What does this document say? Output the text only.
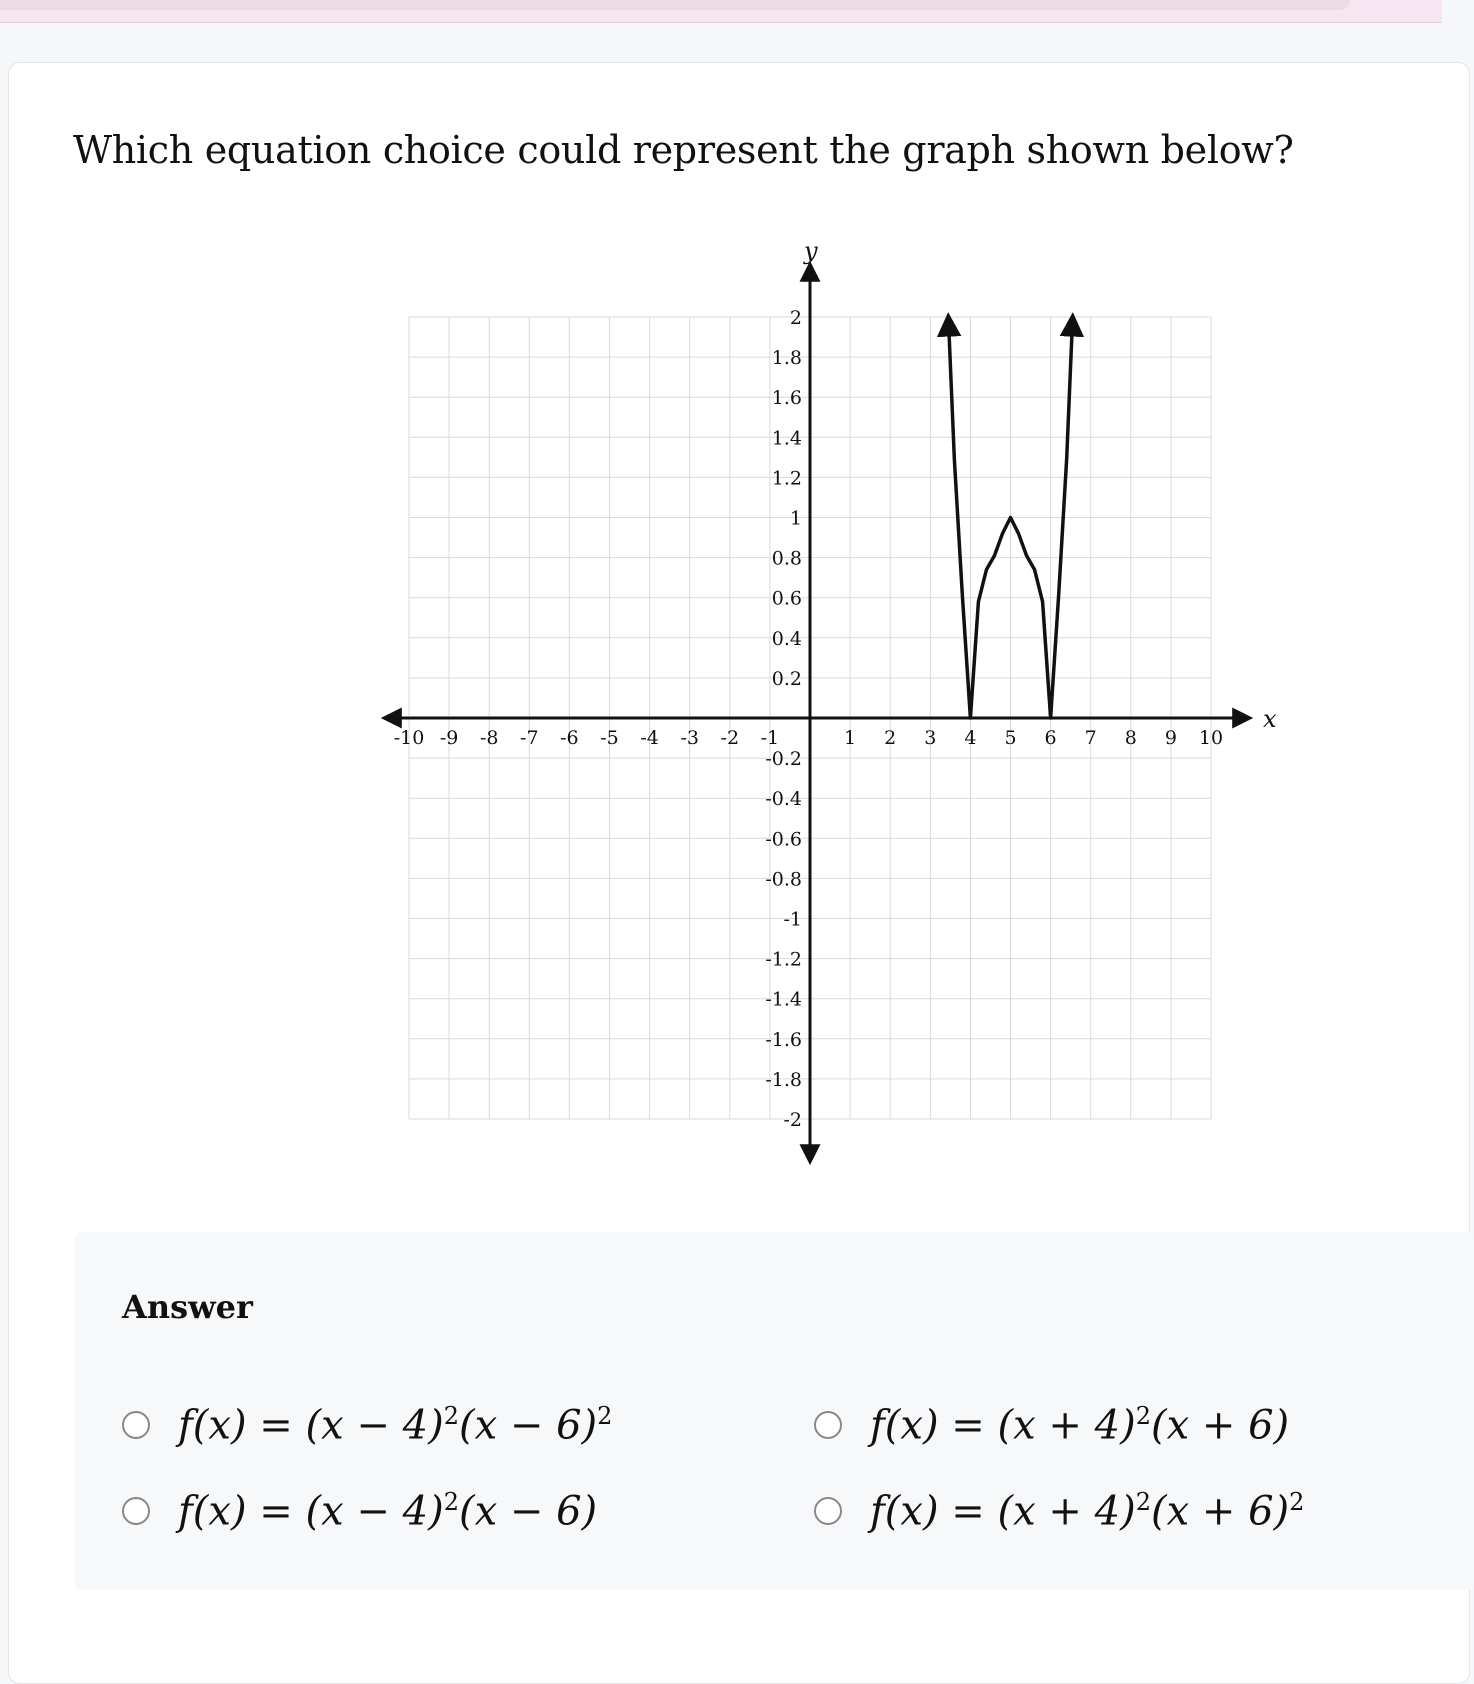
Which equation choice could represent the graph shown below?
x
y
-10 -9 -8 -7 -6 -5 -4 -3 -2 -1	1 2 3 4 5 6 7 8 9 10
2
1.8
1.6
1.4
1.2
1
0.8
0.6
0.4
0.2
-0.2
-0.4
-0.6
-0.8
-1
-1.2
-1.4
-1.6
-1.8
-2
Answer
$f(x) = (x - 4)^2(x - 6)^2$	$f(x) = (x + 4)^2(x + 6)$
$f(x) = (x - 4)^2(x - 6)$	$f(x) = (x + 4)^2(x + 6)^2$
